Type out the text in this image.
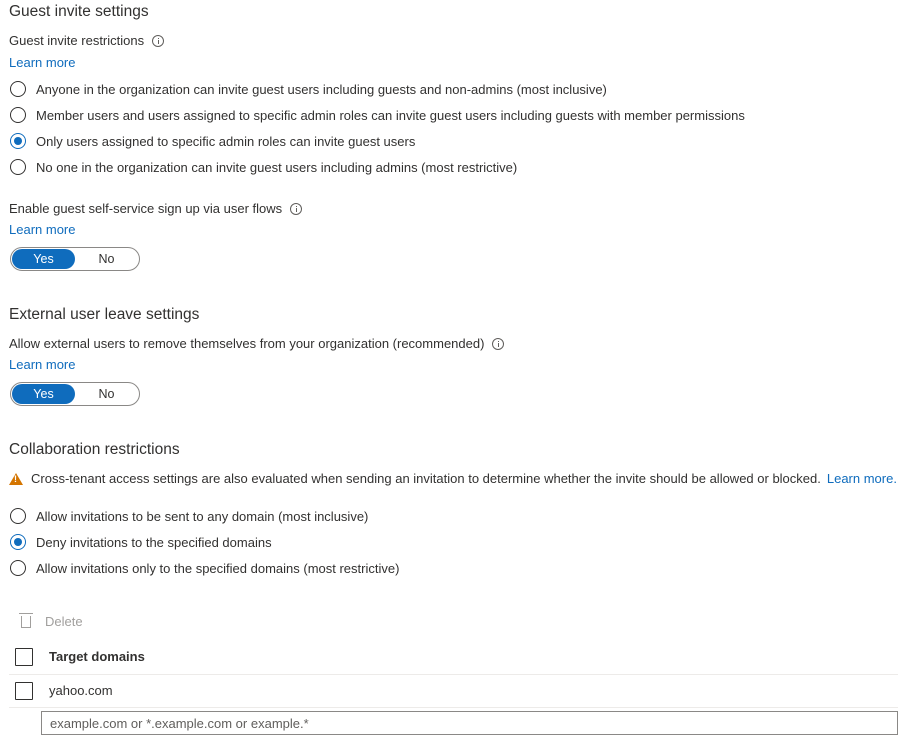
Guest invite settings
Guest invite restrictions
Learn more
Anyone in the organization can invite guest users including guests and non-admins (most inclusive)
Member users and users assigned to specific admin roles can invite guest users including guests with member permissions
Only users assigned to specific admin roles can invite guest users
No one in the organization can invite guest users including admins (most restrictive)
Enable guest self-service sign up via user flows
Learn more
Yes	No
External user leave settings
Allow external users to remove themselves from your organization (recommended)
Learn more
Yes	No
Collaboration restrictions
!
Cross-tenant access settings are also evaluated when sending an invitation to determine whether the invite should be allowed or blocked. Learn more.
Allow invitations to be sent to any domain (most inclusive)
Deny invitations to the specified domains
Allow invitations only to the specified domains (most restrictive)
Delete
Target domains
yahoo.com
example.com or *.example.com or example.*
